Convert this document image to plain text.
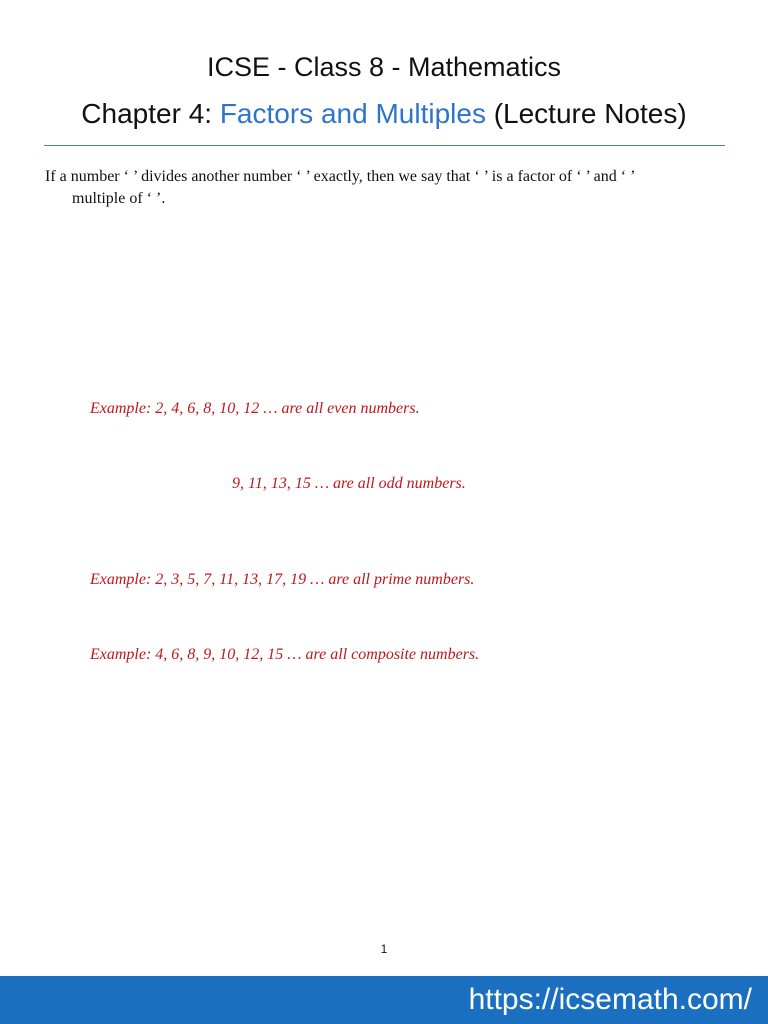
ICSE - Class 8 - Mathematics
Chapter 4: Factors and Multiples (Lecture Notes)
If a number ‘ ’ divides another number ‘ ’ exactly, then we say that ‘ ’ is a factor of ‘ ’ and ‘ ’
multiple of ‘ ’.
Example: 2, 4, 6, 8, 10, 12 … are all even numbers.
9, 11, 13, 15 … are all odd numbers.
Example: 2, 3, 5, 7, 11, 13, 17, 19 … are all prime numbers.
Example: 4, 6, 8, 9, 10, 12, 15 … are all composite numbers.
1
https://icsemath.com/
